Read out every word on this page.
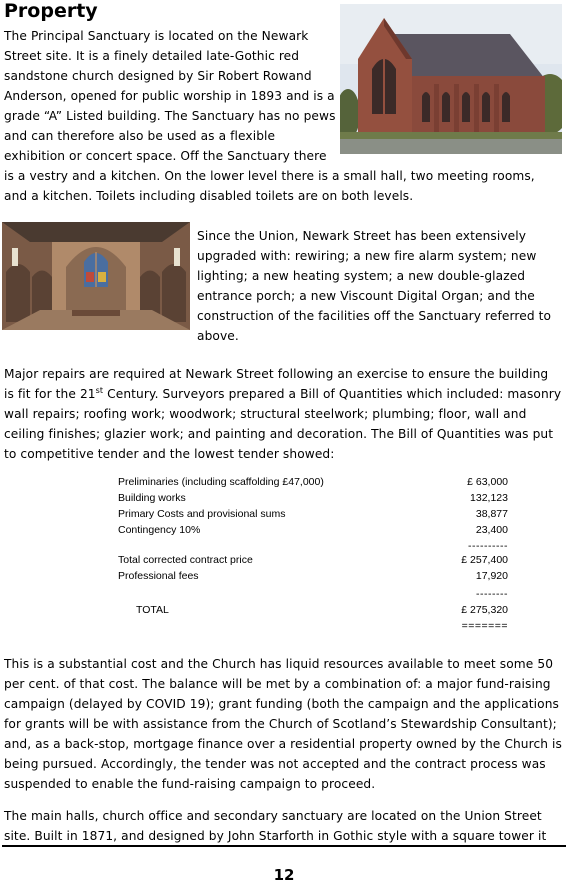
Property

The Principal Sanctuary is located on the Newark Street site. It is a finely detailed late-Gothic red sandstone church designed by Sir Robert Rowand Anderson, opened for public worship in 1893 and is a grade “A” Listed building. The Sanctuary has no pews and can therefore also be used as a flexible exhibition or concert space. Off the Sanctuary there

is a vestry and a kitchen. On the lower level there is a small hall, two meeting rooms, and a kitchen. Toilets including disabled toilets are on both levels.

Since the Union, Newark Street has been extensively upgraded with: rewiring; a new fire alarm system; new lighting; a new heating system; a new double-glazed entrance porch; a new Viscount Digital Organ; and the construction of the facilities off the Sanctuary referred to above.

Major repairs are required at Newark Street following an exercise to ensure the building is fit for the 21st Century. Surveyors prepared a Bill of Quantities which included: masonry wall repairs; roofing work; woodwork; structural steelwork; plumbing; floor, wall and ceiling finishes; glazier work; and painting and decoration. The Bill of Quantities was put to competitive tender and the lowest tender showed:

Preliminaries (including scaffolding £47,000)	£ 63,000
Building works	132,123
Primary Costs and provisional sums	38,877
Contingency 10%	23,400
----------
Total corrected contract price	£ 257,400
Professional fees	17,920
--------
TOTAL	£ 275,320
=======

This is a substantial cost and the Church has liquid resources available to meet some 50 per cent. of that cost. The balance will be met by a combination of: a major fund-raising campaign (delayed by COVID 19); grant funding (both the campaign and the applications for grants will be with assistance from the Church of Scotland’s Stewardship Consultant); and, as a back-stop, mortgage finance over a residential property owned by the Church is being pursued. Accordingly, the tender was not accepted and the contract process was suspended to enable the fund-raising campaign to proceed.

The main halls, church office and secondary sanctuary are located on the Union Street site. Built in 1871, and designed by John Starforth in Gothic style with a square tower it

12
